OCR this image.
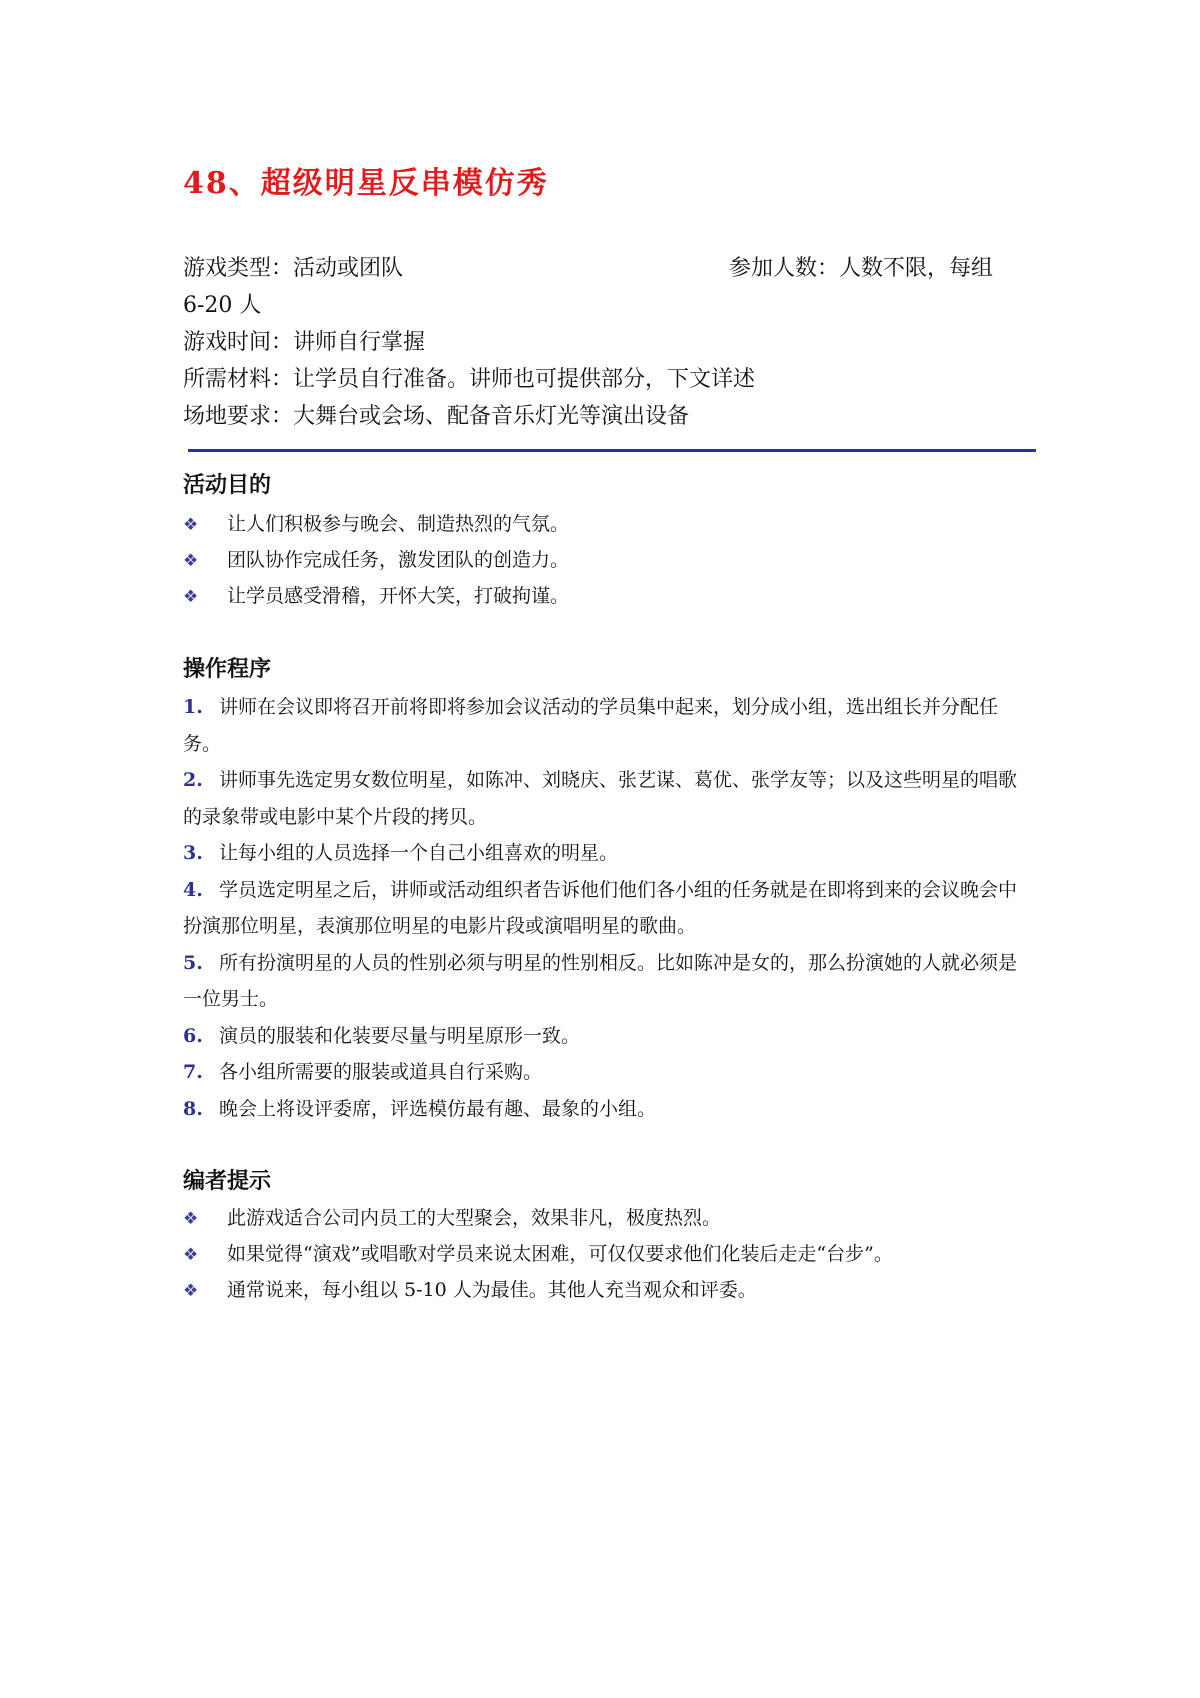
48、超级明星反串模仿秀
游戏类型：活动或团队	参加人数：人数不限，每组
6-20 人
游戏时间：讲师自行掌握
所需材料：让学员自行准备。讲师也可提供部分，下文详述
场地要求：大舞台或会场、配备音乐灯光等演出设备
活动目的
❖ 让人们积极参与晚会、制造热烈的气氛。
❖ 团队协作完成任务，激发团队的创造力。
❖ 让学员感受滑稽，开怀大笑，打破拘谨。
操作程序
1. 讲师在会议即将召开前将即将参加会议活动的学员集中起来，划分成小组，选出组长并分配任务。
2. 讲师事先选定男女数位明星，如陈冲、刘晓庆、张艺谋、葛优、张学友等；以及这些明星的唱歌的录象带或电影中某个片段的拷贝。
3. 让每小组的人员选择一个自己小组喜欢的明星。
4. 学员选定明星之后，讲师或活动组织者告诉他们他们各小组的任务就是在即将到来的会议晚会中扮演那位明星，表演那位明星的电影片段或演唱明星的歌曲。
5. 所有扮演明星的人员的性别必须与明星的性别相反。比如陈冲是女的，那么扮演她的人就必须是一位男士。
6. 演员的服装和化装要尽量与明星原形一致。
7. 各小组所需要的服装或道具自行采购。
8. 晚会上将设评委席，评选模仿最有趣、最象的小组。
编者提示
❖ 此游戏适合公司内员工的大型聚会，效果非凡，极度热烈。
❖ 如果觉得“演戏”或唱歌对学员来说太困难，可仅仅要求他们化装后走走“台步”。
❖ 通常说来，每小组以 5-10 人为最佳。其他人充当观众和评委。
